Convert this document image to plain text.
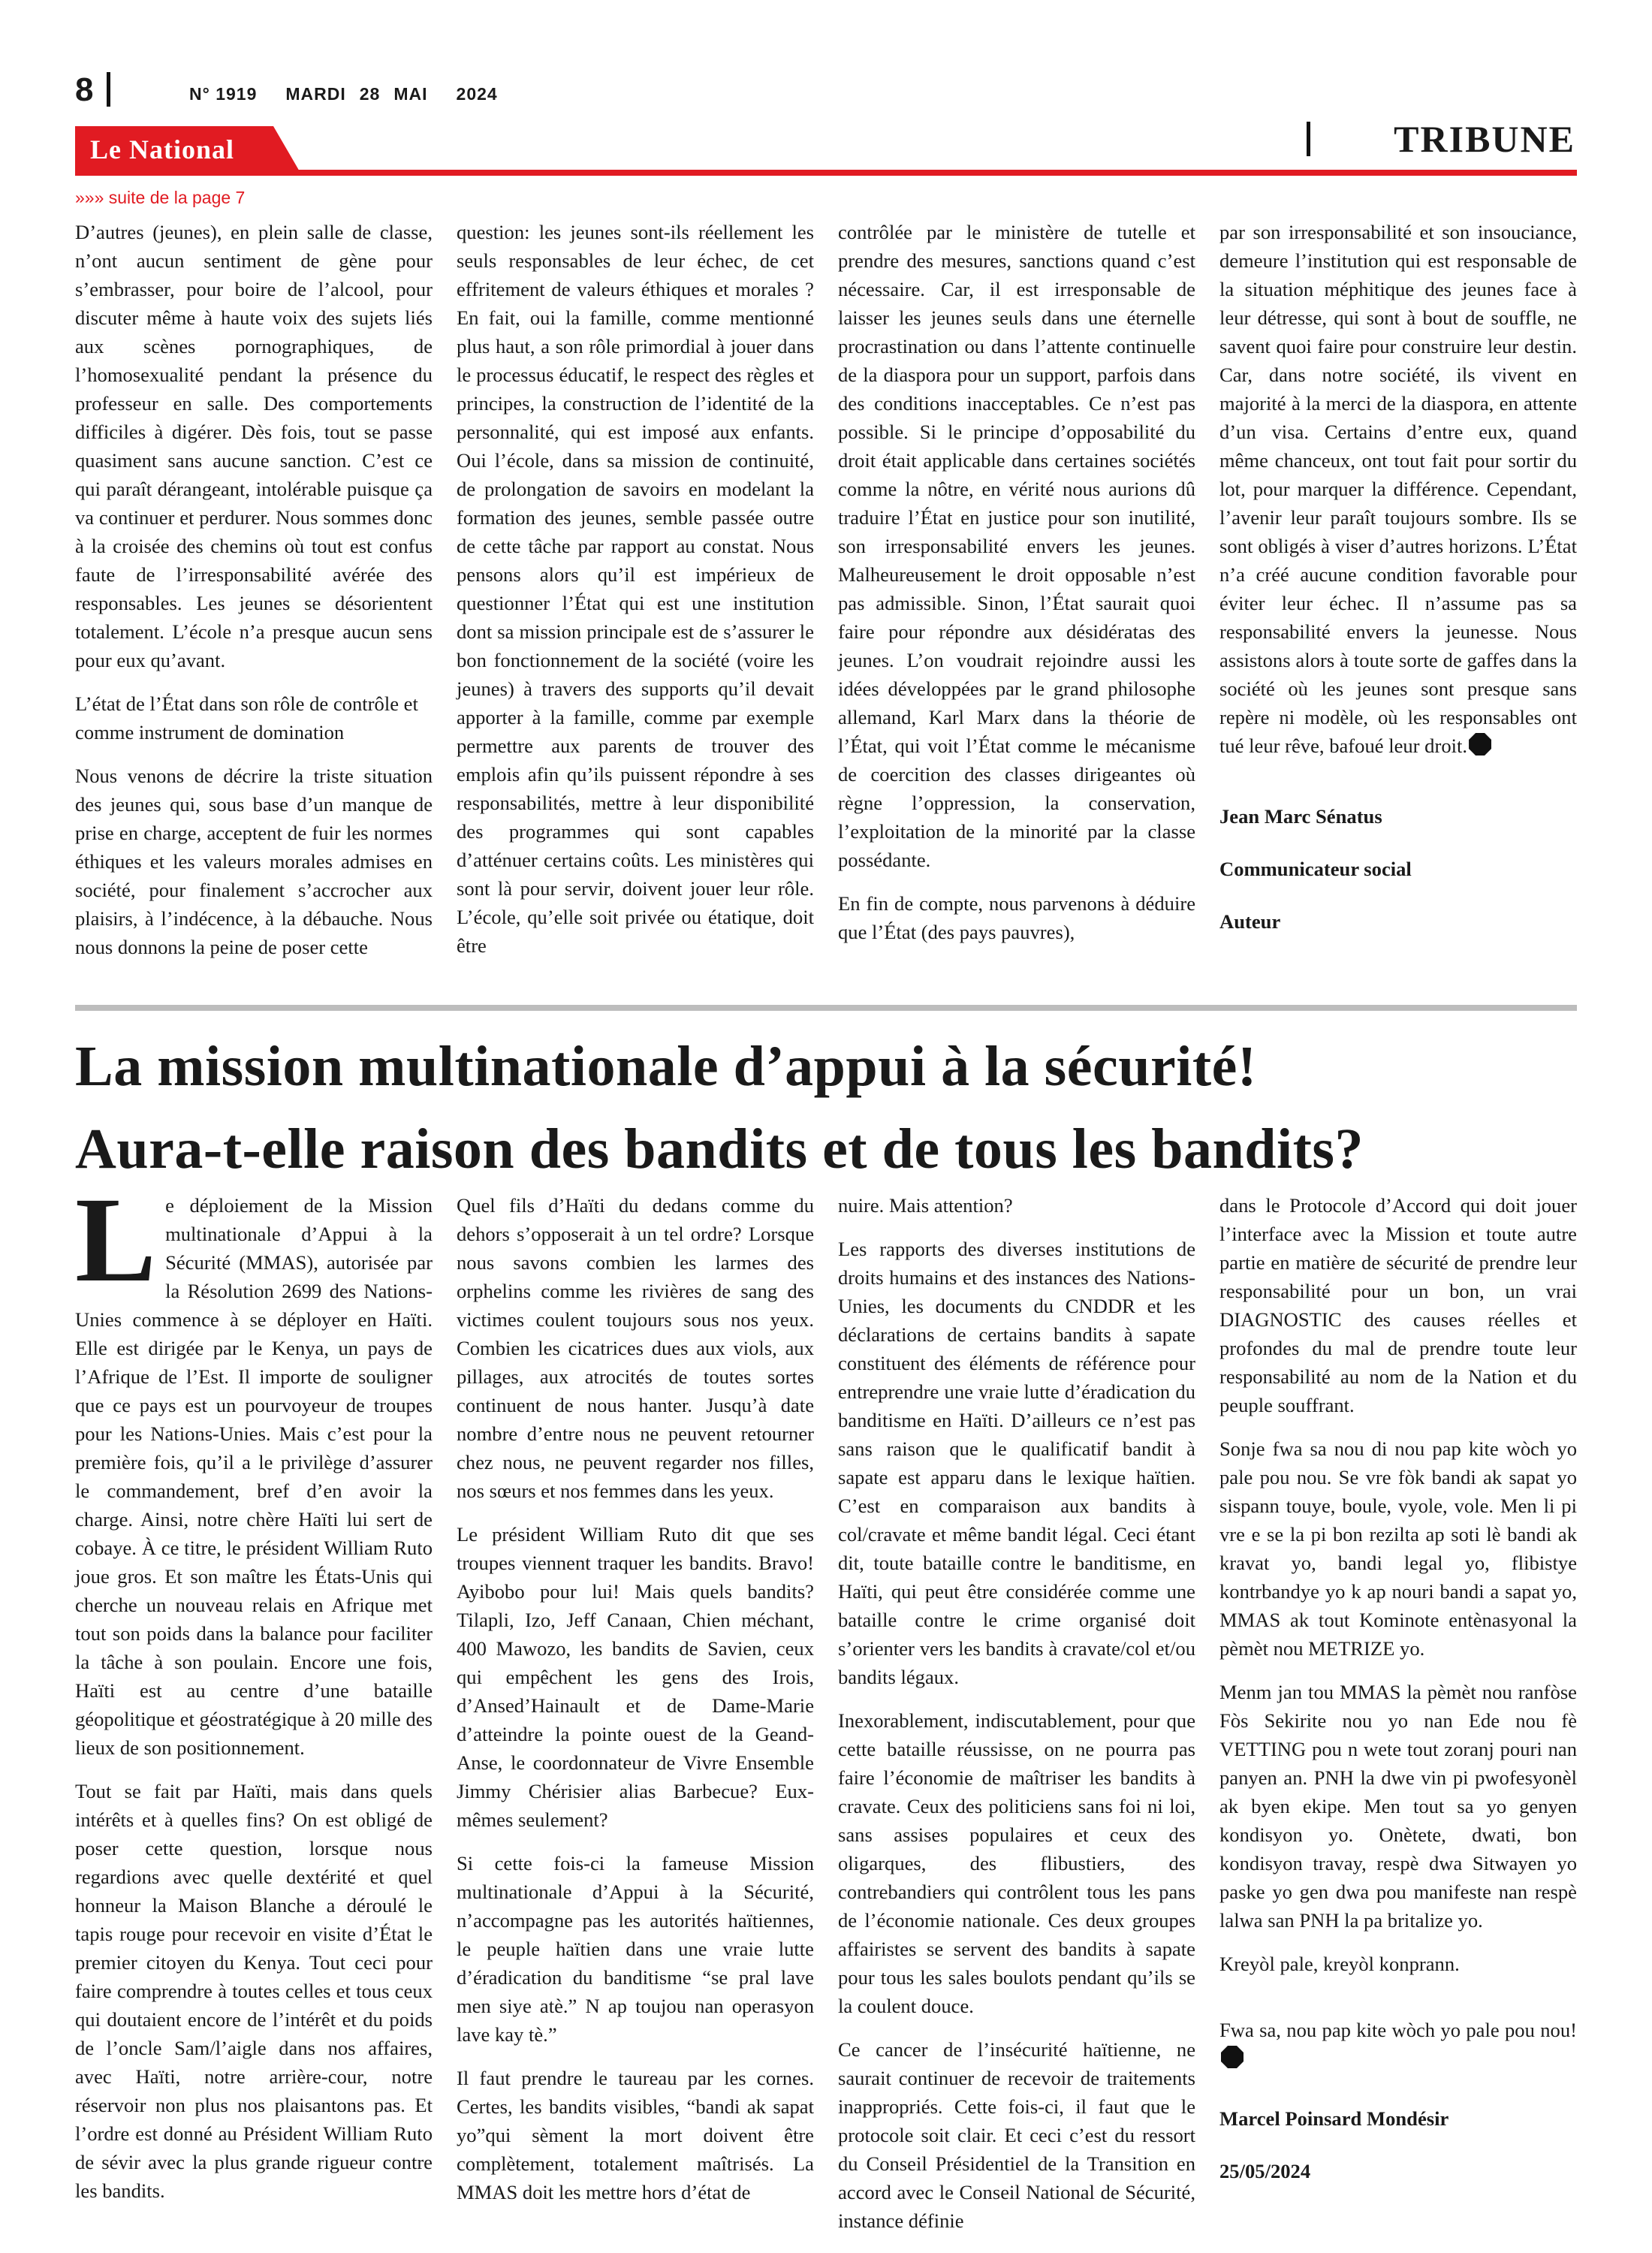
8	N° 1919 MARDI 28 MAI 2024
Le National	TRIBUNE
»»» suite de la page 7

D’autres (jeunes), en plein salle de classe, n’ont aucun sentiment de gène pour s’embrasser, pour boire de l’alcool, pour discuter même à haute voix des sujets liés aux scènes pornographiques, de l’homosexualité pendant la présence du professeur en salle. Des comportements difficiles à digérer. Dès fois, tout se passe quasiment sans aucune sanction. C’est ce qui paraît dérangeant, intolérable puisque ça va continuer et perdurer. Nous sommes donc à la croisée des chemins où tout est confus faute de l’irresponsabilité avérée des responsables. Les jeunes se désorientent totalement. L’école n’a presque aucun sens pour eux qu’avant.

L’état de l’État dans son rôle de contrôle et comme instrument de domination

Nous venons de décrire la triste situation des jeunes qui, sous base d’un manque de prise en charge, acceptent de fuir les normes éthiques et les valeurs morales admises en société, pour finalement s’accrocher aux plaisirs, à l’indécence, à la débauche. Nous nous donnons la peine de poser cette

question: les jeunes sont-ils réellement les seuls responsables de leur échec, de cet effritement de valeurs éthiques et morales ? En fait, oui la famille, comme mentionné plus haut, a son rôle primordial à jouer dans le processus éducatif, le respect des règles et principes, la construction de l’identité de la personnalité, qui est imposé aux enfants. Oui l’école, dans sa mission de continuité, de prolongation de savoirs en modelant la formation des jeunes, semble passée outre de cette tâche par rapport au constat. Nous pensons alors qu’il est impérieux de questionner l’État qui est une institution dont sa mission principale est de s’assurer le bon fonctionnement de la société (voire les jeunes) à travers des supports qu’il devait apporter à la famille, comme par exemple permettre aux parents de trouver des emplois afin qu’ils puissent répondre à ses responsabilités, mettre à leur disponibilité des programmes qui sont capables d’atténuer certains coûts. Les ministères qui sont là pour servir, doivent jouer leur rôle. L’école, qu’elle soit privée ou étatique, doit être

contrôlée par le ministère de tutelle et prendre des mesures, sanctions quand c’est nécessaire. Car, il est irresponsable de laisser les jeunes seuls dans une éternelle procrastination ou dans l’attente continuelle de la diaspora pour un support, parfois dans des conditions inacceptables. Ce n’est pas possible. Si le principe d’opposabilité du droit était applicable dans certaines sociétés comme la nôtre, en vérité nous aurions dû traduire l’État en justice pour son inutilité, son irresponsabilité envers les jeunes. Malheureusement le droit opposable n’est pas admissible. Sinon, l’État saurait quoi faire pour répondre aux désidératas des jeunes. L’on voudrait rejoindre aussi les idées développées par le grand philosophe allemand, Karl Marx dans la théorie de l’État, qui voit l’État comme le mécanisme de coercition des classes dirigeantes où règne l’oppression, la conservation, l’exploitation de la minorité par la classe possédante.

En fin de compte, nous parvenons à déduire que l’État (des pays pauvres),

par son irresponsabilité et son insouciance, demeure l’institution qui est responsable de la situation méphitique des jeunes face à leur détresse, qui sont à bout de souffle, ne savent quoi faire pour construire leur destin. Car, dans notre société, ils vivent en majorité à la merci de la diaspora, en attente d’un visa. Certains d’entre eux, quand même chanceux, ont tout fait pour sortir du lot, pour marquer la différence. Cependant, l’avenir leur paraît toujours sombre. Ils se sont obligés à viser d’autres horizons. L’État n’a créé aucune condition favorable pour éviter leur échec. Il n’assume pas sa responsabilité envers la jeunesse. Nous assistons alors à toute sorte de gaffes dans la société où les jeunes sont presque sans repère ni modèle, où les responsables ont tué leur rêve, bafoué leur droit.

Jean Marc Sénatus

Communicateur social

Auteur

La mission multinationale d’appui à la sécurité!
Aura-t-elle raison des bandits et de tous les bandits?

Le déploiement de la Mission multinationale d’Appui à la Sécurité (MMAS), autorisée par la Résolution 2699 des Nations-Unies commence à se déployer en Haïti. Elle est dirigée par le Kenya, un pays de l’Afrique de l’Est. Il importe de souligner que ce pays est un pourvoyeur de troupes pour les Nations-Unies. Mais c’est pour la première fois, qu’il a le privilège d’assurer le commandement, bref d’en avoir la charge. Ainsi, notre chère Haïti lui sert de cobaye. À ce titre, le président William Ruto joue gros. Et son maître les États-Unis qui cherche un nouveau relais en Afrique met tout son poids dans la balance pour faciliter la tâche à son poulain. Encore une fois, Haïti est au centre d’une bataille géopolitique et géostratégique à 20 mille des lieux de son positionnement.

Tout se fait par Haïti, mais dans quels intérêts et à quelles fins? On est obligé de poser cette question, lorsque nous regardions avec quelle dextérité et quel honneur la Maison Blanche a déroulé le tapis rouge pour recevoir en visite d’État le premier citoyen du Kenya. Tout ceci pour faire comprendre à toutes celles et tous ceux qui doutaient encore de l’intérêt et du poids de l’oncle Sam/l’aigle dans nos affaires, avec Haïti, notre arrière-cour, notre réservoir non plus nos plaisantons pas. Et l’ordre est donné au Président William Ruto de sévir avec la plus grande rigueur contre les bandits.

Quel fils d’Haïti du dedans comme du dehors s’opposerait à un tel ordre? Lorsque nous savons combien les larmes des orphelins comme les rivières de sang des victimes coulent toujours sous nos yeux. Combien les cicatrices dues aux viols, aux pillages, aux atrocités de toutes sortes continuent de nous hanter. Jusqu’à date nombre d’entre nous ne peuvent retourner chez nous, ne peuvent regarder nos filles, nos sœurs et nos femmes dans les yeux.

Le président William Ruto dit que ses troupes viennent traquer les bandits. Bravo! Ayibobo pour lui! Mais quels bandits? Tilapli, Izo, Jeff Canaan, Chien méchant, 400 Mawozo, les bandits de Savien, ceux qui empêchent les gens des Irois, d’Ansed’Hainault et de Dame-Marie d’atteindre la pointe ouest de la Geand-Anse, le coordonnateur de Vivre Ensemble Jimmy Chérisier alias Barbecue? Eux-mêmes seulement?

Si cette fois-ci la fameuse Mission multinationale d’Appui à la Sécurité, n’accompagne pas les autorités haïtiennes, le peuple haïtien dans une vraie lutte d’éradication du banditisme “se pral lave men siye atè.” N ap toujou nan operasyon lave kay tè.”

Il faut prendre le taureau par les cornes. Certes, les bandits visibles, “bandi ak sapat yo”qui sèment la mort doivent être complètement, totalement maîtrisés. La MMAS doit les mettre hors d’état de

nuire. Mais attention?

Les rapports des diverses institutions de droits humains et des instances des Nations-Unies, les documents du CNDDR et les déclarations de certains bandits à sapate constituent des éléments de référence pour entreprendre une vraie lutte d’éradication du banditisme en Haïti. D’ailleurs ce n’est pas sans raison que le qualificatif bandit à sapate est apparu dans le lexique haïtien. C’est en comparaison aux bandits à col/cravate et même bandit légal. Ceci étant dit, toute bataille contre le banditisme, en Haïti, qui peut être considérée comme une bataille contre le crime organisé doit s’orienter vers les bandits à cravate/col et/ou bandits légaux.

Inexorablement, indiscutablement, pour que cette bataille réussisse, on ne pourra pas faire l’économie de maîtriser les bandits à cravate. Ceux des politiciens sans foi ni loi, sans assises populaires et ceux des oligarques, des flibustiers, des contrebandiers qui contrôlent tous les pans de l’économie nationale. Ces deux groupes affairistes se servent des bandits à sapate pour tous les sales boulots pendant qu’ils se la coulent douce.

Ce cancer de l’insécurité haïtienne, ne saurait continuer de recevoir de traitements inappropriés. Cette fois-ci, il faut que le protocole soit clair. Et ceci c’est du ressort du Conseil Présidentiel de la Transition en accord avec le Conseil National de Sécurité, instance définie

dans le Protocole d’Accord qui doit jouer l’interface avec la Mission et toute autre partie en matière de sécurité de prendre leur responsabilité pour un bon, un vrai DIAGNOSTIC des causes réelles et profondes du mal de prendre toute leur responsabilité au nom de la Nation et du peuple souffrant.

Sonje fwa sa nou di nou pap kite wòch yo pale pou nou. Se vre fòk bandi ak sapat yo sispann touye, boule, vyole, vole. Men li pi vre e se la pi bon rezilta ap soti lè bandi ak kravat yo, bandi legal yo, flibistye kontrbandye yo k ap nouri bandi a sapat yo, MMAS ak tout Kominote entènasyonal la pèmèt nou METRIZE yo.

Menm jan tou MMAS la pèmèt nou ranfòse Fòs Sekirite nou yo nan Ede nou fè VETTING pou n wete tout zoranj pouri nan panyen an. PNH la dwe vin pi pwofesyonèl ak byen ekipe. Men tout sa yo genyen kondisyon yo. Onètete, dwati, bon kondisyon travay, respè dwa Sitwayen yo paske yo gen dwa pou manifeste nan respè lalwa san PNH la pa britalize yo.

Kreyòl pale, kreyòl konprann.

Fwa sa, nou pap kite wòch yo pale pou nou!

Marcel Poinsard Mondésir

25/05/2024
